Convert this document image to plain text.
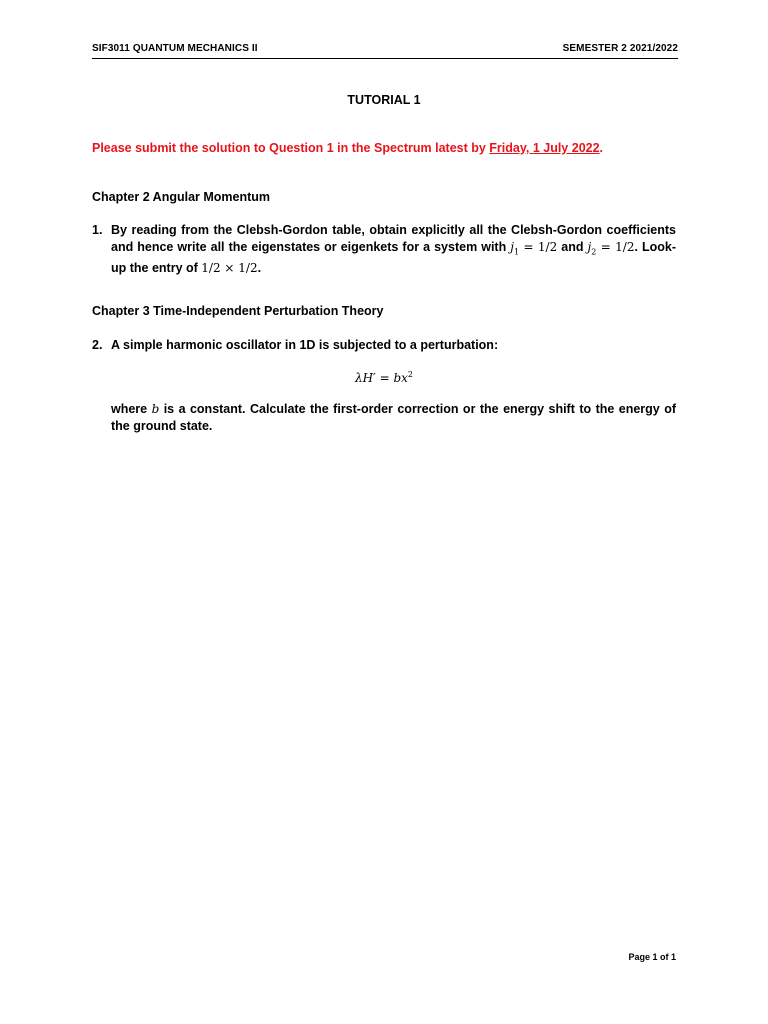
SIF3011 QUANTUM MECHANICS II	SEMESTER 2 2021/2022
TUTORIAL 1
Please submit the solution to Question 1 in the Spectrum latest by Friday, 1 July 2022.
Chapter 2 Angular Momentum
1. By reading from the Clebsh-Gordon table, obtain explicitly all the Clebsh-Gordon coefficients and hence write all the eigenstates or eigenkets for a system with $j_1 = 1/2$ and $j_2 = 1/2$. Look-up the entry of 1/2 × 1/2.
Chapter 3 Time-Independent Perturbation Theory
2. A simple harmonic oscillator in 1D is subjected to a perturbation:
$\lambda H' = bx^2$
where b is a constant. Calculate the first-order correction or the energy shift to the energy of the ground state.
Page 1 of 1
